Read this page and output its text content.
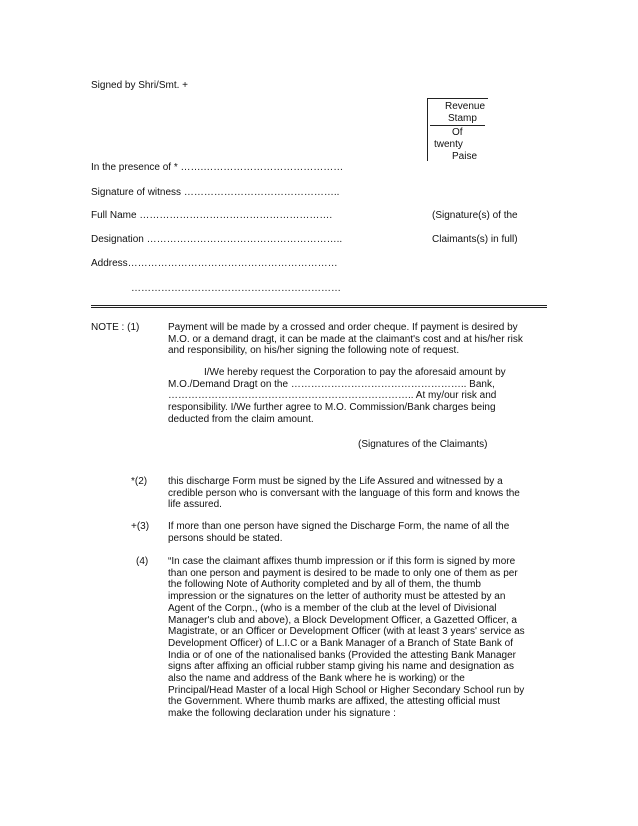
Signed by Shri/Smt. +
Revenue
Stamp
Of
twenty
Paise
In the presence of * …….……………………………………
Signature of witness ………………………………………..
Full Name ………………………………………………….	(Signature(s) of the
Designation …………………………………………………..	Claimants(s) in full)
Address………………………………………………………
………………………………………………………
NOTE : (1)	Payment will be made by a crossed and order cheque. If payment is desired by
M.O. or a demand dragt, it can be made at the claimant's cost and at his/her risk
and responsibility, on his/her signing the following note of request.
I/We hereby request the Corporation to pay the aforesaid amount by
M.O./Demand Dragt on the …………………………………………….. Bank,
……………………………………………………………….. At my/our risk and
responsibility. I/We further agree to M.O. Commission/Bank charges being
deducted from the claim amount.
(Signatures of the Claimants)
*(2) this discharge Form must be signed by the Life Assured and witnessed by a
credible person who is conversant with the language of this form and knows the
life assured.
+(3) If more than one person have signed the Discharge Form, the name of all the
persons should be stated.
(4) “In case the claimant affixes thumb impression or if this form is signed by more
than one person and payment is desired to be made to only one of them as per
the following Note of Authority completed and by all of them, the thumb
impression or the signatures on the letter of authority must be attested by an
Agent of the Corpn., (who is a member of the club at the level of Divisional
Manager's club and above), a Block Development Officer, a Gazetted Officer, a
Magistrate, or an Officer or Development Officer (with at least 3 years' service as
Development Officer) of L.I.C or a Bank Manager of a Branch of State Bank of
India or of one of the nationalised banks (Provided the attesting Bank Manager
signs after affixing an official rubber stamp giving his name and designation as
also the name and address of the Bank where he is working) or the
Principal/Head Master of a local High School or Higher Secondary School run by
the Government. Where thumb marks are affixed, the attesting official must
make the following declaration under his signature :
